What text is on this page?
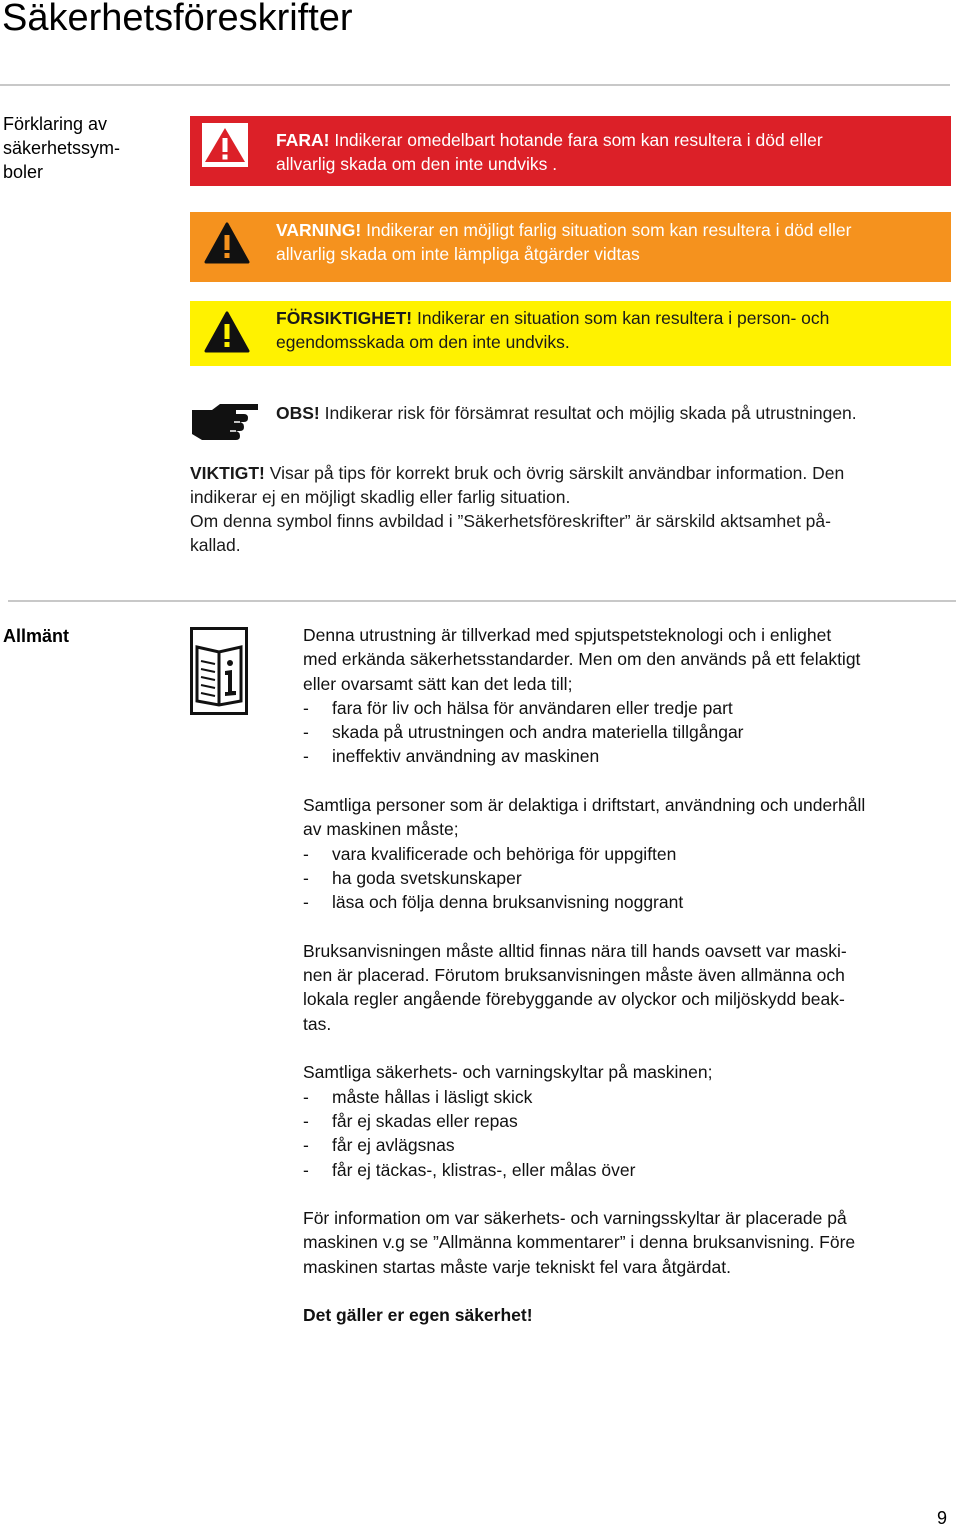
Säkerhetsföreskrifter
Förklaring av
säkerhetssym-
boler
FARA! Indikerar omedelbart hotande fara som kan resultera i död eller
allvarlig skada om den inte undviks .
VARNING! Indikerar en möjligt farlig situation som kan resultera i död eller
allvarlig skada om inte lämpliga åtgärder vidtas
FÖRSIKTIGHET! Indikerar en situation som kan resultera i person- och
egendomsskada om den inte undviks.
OBS! Indikerar risk för försämrat resultat och möjlig skada på utrustningen.
VIKTIGT! Visar på tips för korrekt bruk och övrig särskilt användbar information. Den
indikerar ej en möjligt skadlig eller farlig situation.
Om denna symbol finns avbildad i ”Säkerhetsföreskrifter” är särskild aktsamhet på-
kallad.
Allmänt	Denna utrustning är tillverkad med spjutspetsteknologi och i enlighet
med erkända säkerhetsstandarder. Men om den används på ett felaktigt
eller ovarsamt sätt kan det leda till;

-	fara för liv och hälsa för användaren eller tredje part
-	skada på utrustningen och andra materiella tillgångar
-	ineffektiv användning av maskinen

Samtliga personer som är delaktiga i driftstart, användning och underhåll
av maskinen måste;

-	vara kvalificerade och behöriga för uppgiften
-	ha goda svetskunskaper
-	läsa och följa denna bruksanvisning noggrant

Bruksanvisningen måste alltid finnas nära till hands oavsett var maski-
nen är placerad. Förutom bruksanvisningen måste även allmänna och
lokala regler angående förebyggande av olyckor och miljöskydd beak-
tas.

Samtliga säkerhets- och varningskyltar på maskinen;

-	måste hållas i läsligt skick
-	får ej skadas eller repas
-	får ej avlägsnas
-	får ej täckas-, klistras-, eller målas över

För information om var säkerhets- och varningsskyltar är placerade på
maskinen v.g se ”Allmänna kommentarer” i denna bruksanvisning. Före
maskinen startas måste varje tekniskt fel vara åtgärdat.

Det gäller er egen säkerhet!

9
